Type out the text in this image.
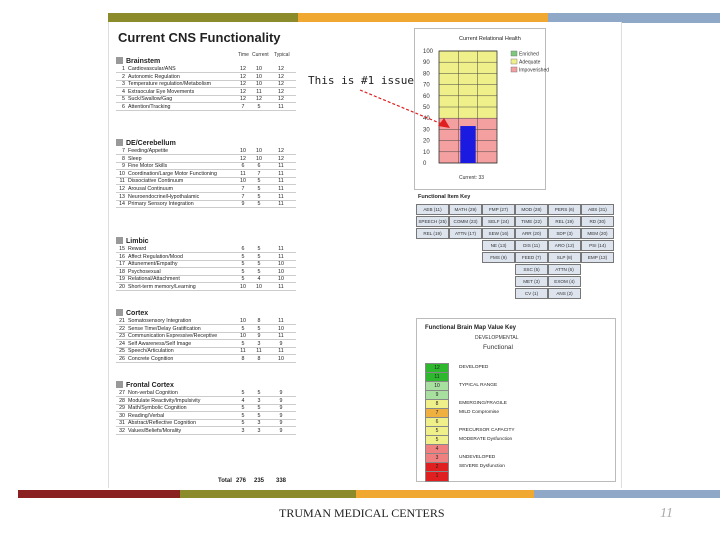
Current CNS Functionality
Time Current Typical
Brainstem
1 Cardiovascular/ANS	12	10	12
2 Autonomic Regulation	12	10	12
3 Temperature regulation/Metabolism	12	10	12
4 Extraocular Eye Movements	12	11	12
5 Suck/Swallow/Gag	12	12	12
6 Attention/Tracking	7	5	11
DE/Cerebellum
7 Feeding/Appetite	10	10	12
8 Sleep	12	10	12
9 Fine Motor Skills	6	6	11
10 Coordination/Large Motor Functioning	11	7	11
11 Dissociative Continuum	10	5	11
12 Arousal Continuum	7	5	11
13 Neuroendocrine/Hypothalamic	7	5	11
14 Primary Sensory Integration	9	5	11
Limbic
15 Reward	6	5	11
16 Affect Regulation/Mood	5	5	11
17 Attunement/Empathy	5	5	10
18 Psychosexual	5	5	10
19 Relational/Attachment	5	4	10
20 Short-term memory/Learning	10	10	11
Cortex
21 Somatosensory Integration	10	8	11
22 Sense Time/Delay Gratification	5	5	10
23 Communication Expressive/Receptive	10	9	11
24 Self Awareness/Self Image	5	3	9
25 Speech/Articulation	11	11	11
26 Concrete Cognition	8	8	10
Frontal Cortex
27 Non-verbal Cognition	5	5	9
28 Modulate Reactivity/Impulsivity	4	3	9
29 Math/Symbolic Cognition	5	5	9
30 Reading/Verbal	5	5	9
31 Abstract/Reflective Cognition	5	3	9
32 Values/Beliefs/Morality	3	3	9
Total 276 235 338
Current Relational Health
100
90
80
70
60
50
40
30
20
10
0
Current: 33
Enriched
Adequate
Impoverished
This is #1 issue
Functional Item Key
AEB (11)	MATH (29)	FMP (27)	MOD (28)	PERS (6)	ABS (31)
SPEECH (25)	COMM (23)	SELF (24)	TIME (22)	REL (19)	RD (30)
REL (19)	ATTN (17)	SEW (16)	ARR (20)	SDP (3)	MEM (20)
NE (13)	DIS (11)	ARO (12)	PSI (14)
FMS (9)	FEED (7)	SLP (8)	EMP (13)
SSC (5)	ATTN (6)
MET (3)	EXOM (4)
CV (1)	ANS (2)
Functional Brain Map Value Key
DEVELOPMENTAL
Functional
12	DEVELOPED
11
10	TYPICAL RANGE
9
8	EMERGING/FRAGILE
7	MILD Compromise
6
5	PRECURSOR CAPACITY
5	MODERATE Dysfunction
4
3	UNDEVELOPED
2	SEVERE Dysfunction
1
TRUMAN MEDICAL CENTERS	11
